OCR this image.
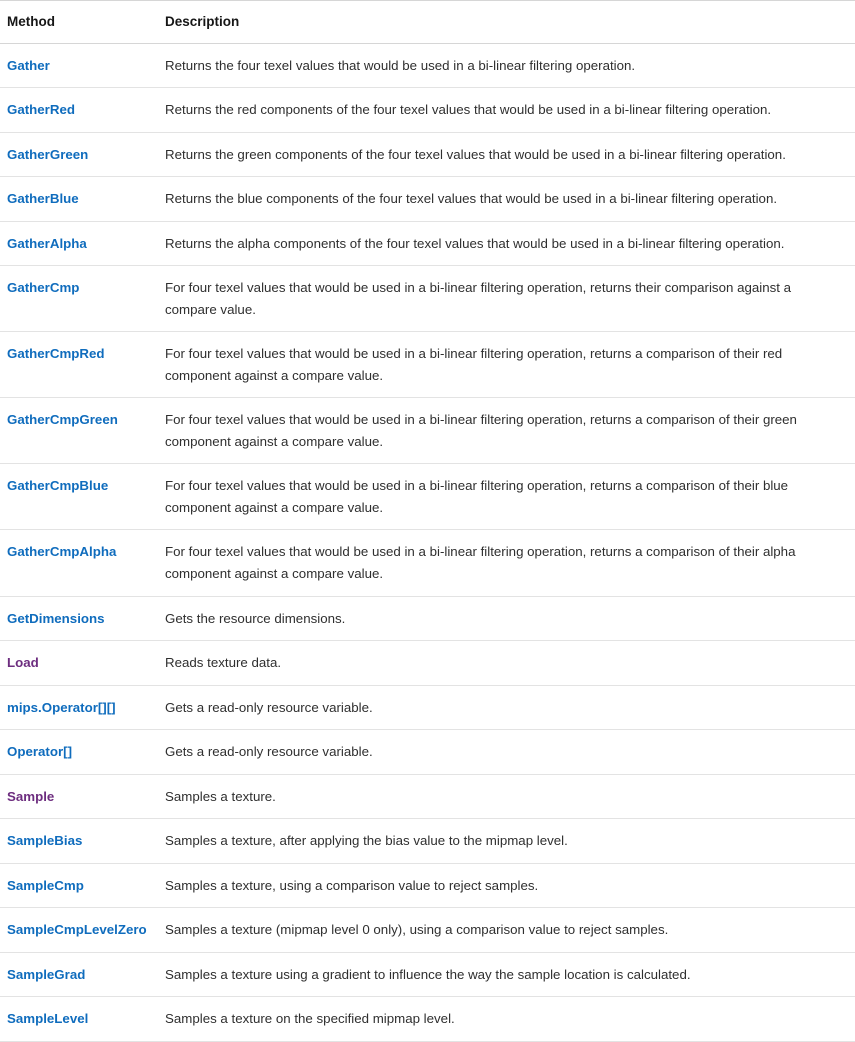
Method	Description
Gather	Returns the four texel values that would be used in a bi-linear filtering operation.
GatherRed	Returns the red components of the four texel values that would be used in a bi-linear filtering operation.
GatherGreen	Returns the green components of the four texel values that would be used in a bi-linear filtering operation.
GatherBlue	Returns the blue components of the four texel values that would be used in a bi-linear filtering operation.
GatherAlpha	Returns the alpha components of the four texel values that would be used in a bi-linear filtering operation.
GatherCmp	For four texel values that would be used in a bi-linear filtering operation, returns their comparison against a compare value.
GatherCmpRed	For four texel values that would be used in a bi-linear filtering operation, returns a comparison of their red component against a compare value.
GatherCmpGreen	For four texel values that would be used in a bi-linear filtering operation, returns a comparison of their green component against a compare value.
GatherCmpBlue	For four texel values that would be used in a bi-linear filtering operation, returns a comparison of their blue component against a compare value.
GatherCmpAlpha	For four texel values that would be used in a bi-linear filtering operation, returns a comparison of their alpha component against a compare value.
GetDimensions	Gets the resource dimensions.
Load	Reads texture data.
mips.Operator[][]	Gets a read-only resource variable.
Operator[]	Gets a read-only resource variable.
Sample	Samples a texture.
SampleBias	Samples a texture, after applying the bias value to the mipmap level.
SampleCmp	Samples a texture, using a comparison value to reject samples.
SampleCmpLevelZero	Samples a texture (mipmap level 0 only), using a comparison value to reject samples.
SampleGrad	Samples a texture using a gradient to influence the way the sample location is calculated.
SampleLevel	Samples a texture on the specified mipmap level.
